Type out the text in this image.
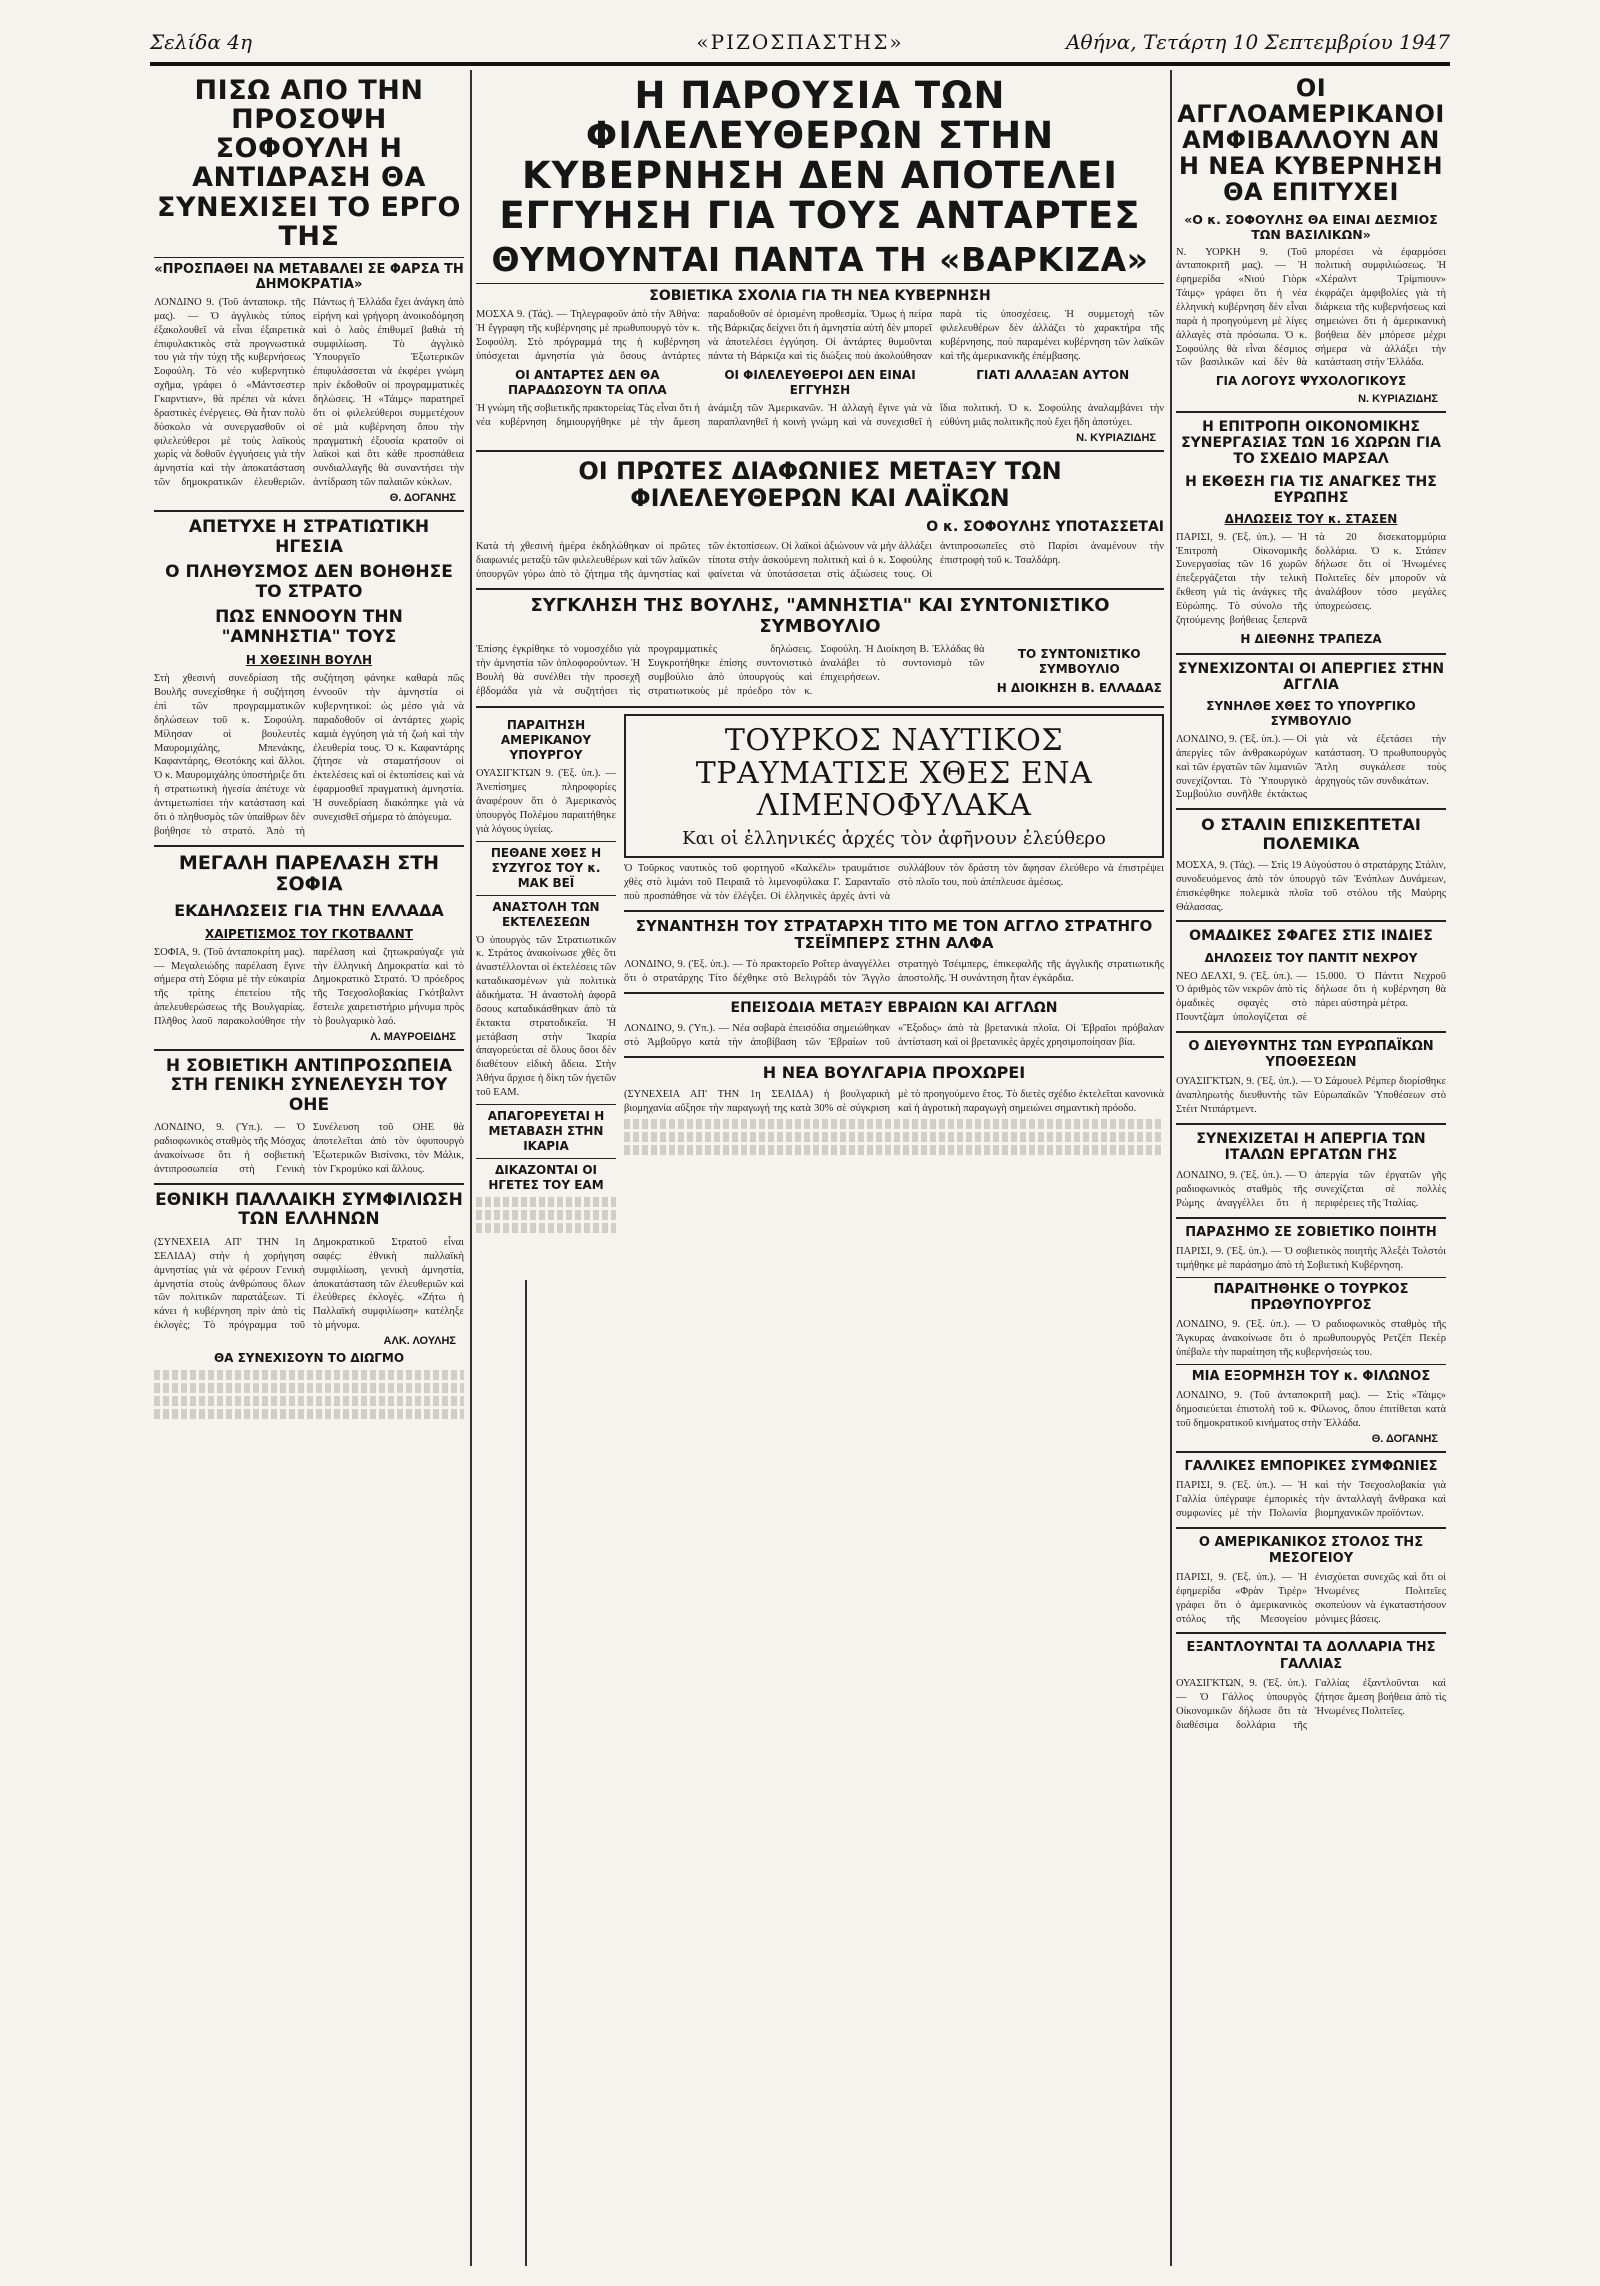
Σελίδα 4η	«ΡΙΖΟΣΠΑΣΤΗΣ»	Αθήνα, Τετάρτη 10 Σεπτεμβρίου 1947
ΠΙΣΩ ΑΠΟ ΤΗΝ ΠΡΟΣΟΨΗ ΣΟΦΟΥΛΗ Η ΑΝΤΙΔΡΑΣΗ ΘΑ ΣΥΝΕΧΙΣΕΙ ΤΟ ΕΡΓΟ ΤΗΣ
«ΠΡΟΣΠΑΘΕΙ ΝΑ ΜΕΤΑΒΑΛΕΙ ΣΕ ΦΑΡΣΑ ΤΗ ΔΗΜΟΚΡΑΤΙΑ»
ΛΟΝΔΙΝΟ 9. (Τοῦ ἀνταποκρ. τῆς μας). — Ὁ ἀγγλικὸς τύπος ἐξακολουθεῖ νὰ εἶναι ἐξαιρετικὰ ἐπιφυλακτικὸς στὰ προγνωστικά του γιὰ τὴν τύχη τῆς κυβερνήσεως Σοφούλη. Τὸ νέο κυβερνητικὸ σχῆμα, γράφει ὁ «Μάντσεστερ Γκαρντιαν», θὰ πρέπει νὰ κάνει δραστικὲς ἐνέργειες. Θὰ ἦταν πολὺ δύσκολο νὰ συνεργασθοῦν οἱ φιλελεύθεροι μὲ τοὺς λαϊκούς χωρὶς νὰ δοθοῦν ἐγγυήσεις γιὰ τὴν ἀμνηστία καὶ τὴν ἀποκατάσταση τῶν δημοκρατικῶν ἐλευθεριῶν. Πάντως ἡ Ἑλλάδα ἔχει ἀνάγκη ἀπὸ εἰρήνη καὶ γρήγορη ἀνοικοδόμηση καὶ ὁ λαὸς ἐπιθυμεῖ βαθιὰ τὴ συμφιλίωση. Τὸ ἀγγλικὸ Ὑπουργεῖο Ἐξωτερικῶν ἐπιφυλάσσεται νὰ ἐκφέρει γνώμη πρὶν ἐκδοθοῦν οἱ προγραμματικὲς δηλώσεις. Ἡ «Τάιμς» παρατηρεῖ ὅτι οἱ φιλελεύθεροι συμμετέχουν σὲ μιὰ κυβέρνηση ὅπου τὴν πραγματικὴ ἐξουσία κρατοῦν οἱ λαϊκοὶ καὶ ὅτι κάθε προσπάθεια συνδιαλλαγῆς θὰ συναντήσει τὴν ἀντίδραση τῶν παλαιῶν κύκλων.
Θ. ΔΟΓΑΝΗΣ
ΑΠΕΤΥΧΕ Η ΣΤΡΑΤΙΩΤΙΚΗ ΗΓΕΣΙΑ
Ο ΠΛΗΘΥΣΜΟΣ ΔΕΝ ΒΟΗΘΗΣΕ ΤΟ ΣΤΡΑΤΟ
ΠΩΣ ΕΝΝΟΟΥΝ ΤΗΝ "ΑΜΝΗΣΤΙΑ" ΤΟΥΣ
Η ΧΘΕΣΙΝΗ ΒΟΥΛΗ
Στὴ χθεσινὴ συνεδρίαση τῆς Βουλῆς συνεχίσθηκε ἡ συζήτηση ἐπὶ τῶν προγραμματικῶν δηλώσεων τοῦ κ. Σοφούλη. Μίλησαν οἱ βουλευτὲς Μαυρομιχάλης, Μπενάκης, Καφαντάρης, Θεοτόκης καὶ ἄλλοι. Ὁ κ. Μαυρομιχάλης ὑποστήριξε ὅτι ἡ στρατιωτικὴ ἡγεσία ἀπέτυχε νὰ ἀντιμετωπίσει τὴν κατάσταση καὶ ὅτι ὁ πληθυσμὸς τῶν ὑπαίθρων δὲν βοήθησε τὸ στρατό. Ἀπὸ τὴ συζήτηση φάνηκε καθαρὰ πῶς ἐννοοῦν τὴν ἀμνηστία οἱ κυβερνητικοί: ὡς μέσο γιὰ νὰ παραδοθοῦν οἱ ἀντάρτες χωρὶς καμιὰ ἐγγύηση γιὰ τὴ ζωὴ καὶ τὴν ἐλευθερία τους. Ὁ κ. Καφαντάρης ζήτησε νὰ σταματήσουν οἱ ἐκτελέσεις καὶ οἱ ἐκτοπίσεις καὶ νὰ ἐφαρμοσθεῖ πραγματικὴ ἀμνηστία. Ἡ συνεδρίαση διακόπηκε γιὰ νὰ συνεχισθεῖ σήμερα τὸ ἀπόγευμα.
ΜΕΓΑΛΗ ΠΑΡΕΛΑΣΗ ΣΤΗ ΣΟΦΙΑ
ΕΚΔΗΛΩΣΕΙΣ ΓΙΑ ΤΗΝ ΕΛΛΑΔΑ
ΧΑΙΡΕΤΙΣΜΟΣ ΤΟΥ ΓΚΟΤΒΑΛΝΤ
ΣΟΦΙΑ, 9. (Τοῦ ἀνταποκρίτη μας). — Μεγαλειώδης παρέλαση ἔγινε σήμερα στὴ Σόφια μὲ τὴν εὐκαιρία τῆς τρίτης ἐπετείου τῆς ἀπελευθερώσεως τῆς Βουλγαρίας. Πλῆθος λαοῦ παρακολούθησε τὴν παρέλαση καὶ ζητωκραύγαζε γιὰ τὴν ἑλληνικὴ Δημοκρατία καὶ τὸ Δημοκρατικὸ Στρατό. Ὁ πρόεδρος τῆς Τσεχοσλοβακίας Γκότβαλντ ἔστειλε χαιρετιστήριο μήνυμα πρὸς τὸ βουλγαρικὸ λαό.
Λ. ΜΑΥΡΟΕΙΔΗΣ
Η ΣΟΒΙΕΤΙΚΗ ΑΝΤΙΠΡΟΣΩΠΕΙΑ ΣΤΗ ΓΕΝΙΚΗ ΣΥΝΕΛΕΥΣΗ ΤΟΥ ΟΗΕ
ΛΟΝΔΙΝΟ, 9. (Ὑπ.). — Ὁ ραδιοφωνικὸς σταθμὸς τῆς Μόσχας ἀνακοίνωσε ὅτι ἡ σοβιετικὴ ἀντιπροσωπεία στὴ Γενικὴ Συνέλευση τοῦ ΟΗΕ θὰ ἀποτελεῖται ἀπὸ τὸν ὑφυπουργὸ Ἐξωτερικῶν Βισίνσκι, τὸν Μάλικ, τὸν Γκρομύκο καὶ ἄλλους.
ΕΘΝΙΚΗ ΠΑΛΛΑΙΚΗ ΣΥΜΦΙΛΙΩΣΗ ΤΩΝ ΕΛΛΗΝΩΝ
(ΣΥΝΕΧΕΙΑ ΑΠ' ΤΗΝ 1η ΣΕΛΙΔΑ) στὴν ἡ χορήγηση ἀμνηστίας γιὰ νὰ φέρουν Γενικὴ ἀμνηστία στοὺς ἀνθρώπους ὅλων τῶν πολιτικῶν παρατάξεων. Τί κάνει ἡ κυβέρνηση πρὶν ἀπὸ τὶς ἐκλογὲς; Τὸ πρόγραμμα τοῦ Δημοκρατικοῦ Στρατοῦ εἶναι σαφές: ἐθνικὴ παλλαϊκὴ συμφιλίωση, γενικὴ ἀμνηστία, ἀποκατάσταση τῶν ἐλευθεριῶν καὶ ἐλεύθερες ἐκλογὲς. «Ζήτω ἡ Παλλαϊκὴ συμφιλίωση» κατέληξε τὸ μήνυμα.
ΑΛΚ. ΛΟΥΛΗΣ
ΘΑ ΣΥΝΕΧΙΣΟΥΝ ΤΟ ΔΙΩΓΜΟ
Η ΠΑΡΟΥΣΙΑ ΤΩΝ ΦΙΛΕΛΕΥΘΕΡΩΝ ΣΤΗΝ ΚΥΒΕΡΝΗΣΗ ΔΕΝ ΑΠΟΤΕΛΕΙ ΕΓΓΥΗΣΗ ΓΙΑ ΤΟΥΣ ΑΝΤΑΡΤΕΣ
ΘΥΜΟΥΝΤΑΙ ΠΑΝΤΑ ΤΗ «ΒΑΡΚΙΖΑ»
ΣΟΒΙΕΤΙΚΑ ΣΧΟΛΙΑ ΓΙΑ ΤΗ ΝΕΑ ΚΥΒΕΡΝΗΣΗ
ΜΟΣΧΑ 9. (Τάς). — Τηλεγραφοῦν ἀπὸ τὴν Ἀθήνα: Ἡ ἔγγραφη τῆς κυβέρνησης μὲ πρωθυπουργὸ τὸν κ. Σοφούλη. Στὸ πρόγραμμά της ἡ κυβέρνηση ὑπόσχεται ἀμνηστία γιὰ ὅσους ἀντάρτες παραδοθοῦν σὲ ὁρισμένη προθεσμία. Ὅμως ἡ πείρα τῆς Βάρκιζας δείχνει ὅτι ἡ ἀμνηστία αὐτὴ δὲν μπορεῖ νὰ ἀποτελέσει ἐγγύηση. Οἱ ἀντάρτες θυμοῦνται πάντα τὴ Βάρκιζα καὶ τὶς διώξεις ποὺ ἀκολούθησαν παρὰ τὶς ὑποσχέσεις. Ἡ συμμετοχὴ τῶν φιλελευθέρων δὲν ἀλλάζει τὸ χαρακτήρα τῆς κυβέρνησης, ποὺ παραμένει κυβέρνηση τῶν λαϊκῶν καὶ τῆς ἀμερικανικῆς ἐπέμβασης.
ΟΙ ΑΝΤΑΡΤΕΣ ΔΕΝ ΘΑ ΠΑΡΑΔΩΣΟΥΝ ΤΑ ΟΠΛΑ
ΟΙ ΦΙΛΕΛΕΥΘΕΡΟΙ ΔΕΝ ΕΙΝΑΙ ΕΓΓΥΗΣΗ
ΓΙΑΤΙ ΑΛΛΑΞΑΝ ΑΥΤΟΝ
Ἡ γνώμη τῆς σοβιετικῆς πρακτορείας Τὰς εἶναι ὅτι ἡ νέα κυβέρνηση δημιουργήθηκε μὲ τὴν ἄμεση ἀνάμιξη τῶν Ἀμερικανῶν. Ἡ ἀλλαγὴ ἔγινε γιὰ νὰ παραπλανηθεῖ ἡ κοινὴ γνώμη καὶ νὰ συνεχισθεῖ ἡ ἴδια πολιτική. Ὁ κ. Σοφούλης ἀναλαμβάνει τὴν εὐθύνη μιᾶς πολιτικῆς ποὺ ἔχει ἤδη ἀποτύχει.
Ν. ΚΥΡΙΑΖΙΔΗΣ
ΟΙ ΠΡΩΤΕΣ ΔΙΑΦΩΝΙΕΣ ΜΕΤΑΞΥ ΤΩΝ ΦΙΛΕΛΕΥΘΕΡΩΝ ΚΑΙ ΛΑΪΚΩΝ
Ο κ. ΣΟΦΟΥΛΗΣ ΥΠΟΤΑΣΣΕΤΑΙ
Κατὰ τὴ χθεσινὴ ἡμέρα ἐκδηλώθηκαν οἱ πρῶτες διαφωνιές μεταξὺ τῶν φιλελευθέρων καὶ τῶν λαϊκῶν ὑπουργῶν γύρω ἀπὸ τὸ ζήτημα τῆς ἀμνηστίας καὶ τῶν ἐκτοπίσεων. Οἱ λαϊκοὶ ἀξιώνουν νὰ μὴν ἀλλάξει τίποτα στὴν ἀσκούμενη πολιτικὴ καὶ ὁ κ. Σοφούλης φαίνεται νὰ ὑποτάσσεται στὶς ἀξιώσεις τους. Οἱ ἀντιπροσωπεῖες στὸ Παρίσι ἀναμένουν τὴν ἐπιστροφὴ τοῦ κ. Τσαλδάρη.
ΣΥΓΚΛΗΣΗ ΤΗΣ ΒΟΥΛΗΣ, "ΑΜΝΗΣΤΙΑ" ΚΑΙ ΣΥΝΤΟΝΙΣΤΙΚΟ ΣΥΜΒΟΥΛΙΟ
Ἐπίσης ἐγκρίθηκε τὸ νομοσχέδιο γιὰ τὴν ἀμνηστία τῶν ὁπλοφορούντων. Ἡ Βουλὴ θὰ συνέλθει τὴν προσεχῆ ἑβδομάδα γιὰ νὰ συζητήσει τὶς προγραμματικὲς δηλώσεις. Συγκροτήθηκε ἐπίσης συντονιστικὸ συμβούλιο ἀπὸ ὑπουργοὺς καὶ στρατιωτικοὺς μὲ πρόεδρο τὸν κ. Σοφούλη. Ἡ Διοίκηση Β. Ἑλλάδας θὰ ἀναλάβει τὸ συντονισμὸ τῶν ἐπιχειρήσεων.
ΤΟ ΣΥΝΤΟΝΙΣΤΙΚΟ ΣΥΜΒΟΥΛΙΟ
Η ΔΙΟΙΚΗΣΗ Β. ΕΛΛΑΔΑΣ
ΠΑΡΑΙΤΗΣΗ ΑΜΕΡΙΚΑΝΟΥ ΥΠΟΥΡΓΟΥ
ΟΥΑΣΙΓΚΤΩΝ 9. (Ἐξ. ὑπ.). — Ἀνεπίσημες πληροφορίες ἀναφέρουν ὅτι ὁ Ἀμερικανὸς ὑπουργὸς Πολέμου παραιτήθηκε γιὰ λόγους ὑγείας.
ΠΕΘΑΝΕ ΧΘΕΣ Η ΣΥΖΥΓΟΣ ΤΟΥ κ. ΜΑΚ ΒΕΪ
ΑΝΑΣΤΟΛΗ ΤΩΝ ΕΚΤΕΛΕΣΕΩΝ
Ὁ ὑπουργὸς τῶν Στρατιωτικῶν κ. Στράτος ἀνακοίνωσε χθὲς ὅτι ἀναστέλλονται οἱ ἐκτελέσεις τῶν καταδικασμένων γιὰ πολιτικὰ ἀδικήματα. Ἡ ἀναστολὴ ἀφορᾶ ὅσους καταδικάσθηκαν ἀπὸ τὰ ἔκτακτα στρατοδικεῖα. Ἡ μετάβαση στὴν Ἰκαρία ἀπαγορεύεται σὲ ὅλους ὅσοι δὲν διαθέτουν εἰδικὴ ἄδεια. Στὴν Ἀθήνα ἄρχισε ἡ δίκη τῶν ἡγετῶν τοῦ ΕΑΜ.
ΑΠΑΓΟΡΕΥΕΤΑΙ Η ΜΕΤΑΒΑΣΗ ΣΤΗΝ ΙΚΑΡΙΑ
ΔΙΚΑΖΟΝΤΑΙ ΟΙ ΗΓΕΤΕΣ ΤΟΥ ΕΑΜ
ΤΟΥΡΚΟΣ ΝΑΥΤΙΚΟΣ ΤΡΑΥΜΑΤΙΣΕ ΧΘΕΣ ΕΝΑ ΛΙΜΕΝΟΦΥΛΑΚΑ
Και οἱ ἑλληνικές ἀρχές τὸν ἀφῆνουν ἐλεύθερο
Ὁ Τοῦρκος ναυτικὸς τοῦ φορτηγοῦ «Καλκέλι» τραυμάτισε χθὲς στὸ λιμάνι τοῦ Πειραιᾶ τὸ λιμενοφύλακα Γ. Σαρανταῖο ποὺ προσπάθησε νὰ τὸν ἐλέγξει. Οἱ ἑλληνικὲς ἀρχές ἀντὶ νὰ συλλάβουν τὸν δράστη τὸν ἄφησαν ἐλεύθερο νὰ ἐπιστρέψει στὸ πλοῖο του, ποὺ ἀπέπλευσε ἀμέσως.
ΣΥΝΑΝΤΗΣΗ ΤΟΥ ΣΤΡΑΤΑΡΧΗ ΤΙΤΟ ΜΕ ΤΟΝ ΑΓΓΛΟ ΣΤΡΑΤΗΓΟ ΤΣΕΪΜΠΕΡΣ ΣΤΗΝ ΑΛΦΑ
ΛΟΝΔΙΝΟ, 9. (Ἐξ. ὑπ.). — Τὸ πρακτορεῖο Ροΐτερ ἀναγγέλλει ὅτι ὁ στρατάρχης Τίτο δέχθηκε στὸ Βελιγράδι τὸν Ἄγγλο στρατηγὸ Τσέιμπερς, ἐπικεφαλῆς τῆς ἀγγλικῆς στρατιωτικῆς ἀποστολῆς. Ἡ συνάντηση ἦταν ἐγκάρδια.
ΕΠΕΙΣΟΔΙΑ ΜΕΤΑΞΥ ΕΒΡΑΙΩΝ ΚΑΙ ΑΓΓΛΩΝ
ΛΟΝΔΙΝΟ, 9. (Ὑπ.). — Νέα σοβαρὰ ἐπεισόδια σημειώθηκαν στὸ Ἀμβοῦργο κατὰ τὴν ἀποβίβαση τῶν Ἑβραίων τοῦ «Ἔξοδος» ἀπὸ τὰ βρετανικὰ πλοῖα. Οἱ Ἑβραῖοι πρόβαλαν ἀντίσταση καὶ οἱ βρετανικὲς ἀρχές χρησιμοποίησαν βία.
Η ΝΕΑ ΒΟΥΛΓΑΡΙΑ ΠΡΟΧΩΡΕΙ
(ΣΥΝΕΧΕΙΑ ΑΠ' ΤΗΝ 1η ΣΕΛΙΔΑ) ἡ βουλγαρικὴ βιομηχανία αὔξησε τὴν παραγωγή της κατὰ 30% σὲ σύγκριση μὲ τὸ προηγούμενο ἔτος. Τὸ διετὲς σχέδιο ἐκτελεῖται κανονικὰ καὶ ἡ ἀγροτικὴ παραγωγὴ σημειώνει σημαντικὴ πρόοδο.
ΟΙ ΑΓΓΛΟΑΜΕΡΙΚΑΝΟΙ ΑΜΦΙΒΑΛΛΟΥΝ ΑΝ Η ΝΕΑ ΚΥΒΕΡΝΗΣΗ ΘΑ ΕΠΙΤΥΧΕΙ
«Ο κ. ΣΟΦΟΥΛΗΣ ΘΑ ΕΙΝΑΙ ΔΕΣΜΙΟΣ ΤΩΝ ΒΑΣΙΛΙΚΩΝ»
Ν. ΥΟΡΚΗ 9. (Τοῦ ἀνταποκριτῆ μας). — Ἡ ἐφημερίδα «Νιού Γιὸρκ Τάιμς» γράφει ὅτι ἡ νέα ἑλληνικὴ κυβέρνηση δὲν εἶναι παρὰ ἡ προηγούμενη μὲ λίγες ἀλλαγὲς στὰ πρόσωπα. Ὁ κ. Σοφούλης θὰ εἶναι δέσμιος τῶν βασιλικῶν καὶ δὲν θὰ μπορέσει νὰ ἐφαρμόσει πολιτικὴ συμφιλιώσεως. Ἡ «Χέραλντ Τρίμπιουν» ἐκφράζει ἀμφιβολίες γιὰ τὴ διάρκεια τῆς κυβερνήσεως καὶ σημειώνει ὅτι ἡ ἀμερικανικὴ βοήθεια δὲν μπόρεσε μέχρι σήμερα νὰ ἀλλάξει τὴν κατάσταση στὴν Ἑλλάδα.
ΓΙΑ ΛΟΓΟΥΣ ΨΥΧΟΛΟΓΙΚΟΥΣ
Ν. ΚΥΡΙΑΖΙΔΗΣ
Η ΕΠΙΤΡΟΠΗ ΟΙΚΟΝΟΜΙΚΗΣ ΣΥΝΕΡΓΑΣΙΑΣ ΤΩΝ 16 ΧΩΡΩΝ ΓΙΑ ΤΟ ΣΧΕΔΙΟ ΜΑΡΣΑΛ
Η ΕΚΘΕΣΗ ΓΙΑ ΤΙΣ ΑΝΑΓΚΕΣ ΤΗΣ ΕΥΡΩΠΗΣ
ΔΗΛΩΣΕΙΣ ΤΟΥ κ. ΣΤΑΣΕΝ
ΠΑΡΙΣΙ, 9. (Ἐξ. ὑπ.). — Ἡ Ἐπιτροπὴ Οἰκονομικῆς Συνεργασίας τῶν 16 χωρῶν ἐπεξεργάζεται τὴν τελικὴ ἔκθεση γιὰ τὶς ἀνάγκες τῆς Εὐρώπης. Τὸ σύνολο τῆς ζητούμενης βοήθειας ξεπερνᾶ τὰ 20 δισεκατομμύρια δολλάρια. Ὁ κ. Στάσεν δήλωσε ὅτι οἱ Ἡνωμένες Πολιτεῖες δὲν μποροῦν νὰ ἀναλάβουν τόσο μεγάλες ὑποχρεώσεις.
Η ΔΙΕΘΝΗΣ ΤΡΑΠΕΖΑ
ΣΥΝΕΧΙΖΟΝΤΑΙ ΟΙ ΑΠΕΡΓΙΕΣ ΣΤΗΝ ΑΓΓΛΙΑ
ΣΥΝΗΛΘΕ ΧΘΕΣ ΤΟ ΥΠΟΥΡΓΙΚΟ ΣΥΜΒΟΥΛΙΟ
ΛΟΝΔΙΝΟ, 9. (Ἐξ. ὑπ.). — Οἱ ἀπεργίες τῶν ἀνθρακωρύχων καὶ τῶν ἐργατῶν τῶν λιμανιῶν συνεχίζονται. Τὸ Ὑπουργικὸ Συμβούλιο συνῆλθε ἐκτάκτως γιὰ νὰ ἐξετάσει τὴν κατάσταση. Ὁ πρωθυπουργὸς Ἄτλη συγκάλεσε τοὺς ἀρχηγοὺς τῶν συνδικάτων.
Ο ΣΤΑΛΙΝ ΕΠΙΣΚΕΠΤΕΤΑΙ ΠΟΛΕΜΙΚΑ
ΜΟΣΧΑ, 9. (Τάς). — Στὶς 19 Αὐγούστου ὁ στρατάρχης Στάλιν, συνοδευόμενος ἀπὸ τὸν ὑπουργὸ τῶν Ἐνόπλων Δυνάμεων, ἐπισκέφθηκε πολεμικὰ πλοῖα τοῦ στόλου τῆς Μαύρης Θάλασσας.
ΟΜΑΔΙΚΕΣ ΣΦΑΓΕΣ ΣΤΙΣ ΙΝΔΙΕΣ
ΔΗΛΩΣΕΙΣ ΤΟΥ ΠΑΝΤΙΤ ΝΕΧΡΟΥ
ΝΕΟ ΔΕΛΧΙ, 9. (Ἐξ. ὑπ.). — Ὁ ἀριθμὸς τῶν νεκρῶν ἀπὸ τὶς ὁμαδικὲς σφαγὲς στὸ Πουντζὰμπ ὑπολογίζεται σὲ 15.000. Ὁ Πάντιτ Νεχροῦ δήλωσε ὅτι ἡ κυβέρνηση θὰ πάρει αὐστηρὰ μέτρα.
Ο ΔΙΕΥΘΥΝΤΗΣ ΤΩΝ ΕΥΡΩΠΑΪΚΩΝ ΥΠΟΘΕΣΕΩΝ
ΟΥΑΣΙΓΚΤΩΝ, 9. (Ἐξ. ὑπ.). — Ὁ Σάμουελ Ρέμπερ διορίσθηκε ἀναπληρωτὴς διευθυντὴς τῶν Εὐρωπαϊκῶν Ὑποθέσεων στὸ Στέιτ Ντιπάρτμεντ.
ΣΥΝΕΧΙΖΕΤΑΙ Η ΑΠΕΡΓΙΑ ΤΩΝ ΙΤΑΛΩΝ ΕΡΓΑΤΩΝ ΓΗΣ
ΛΟΝΔΙΝΟ, 9. (Ἐξ. ὑπ.). — Ὁ ραδιοφωνικὸς σταθμὸς τῆς Ρώμης ἀναγγέλλει ὅτι ἡ ἀπεργία τῶν ἐργατῶν γῆς συνεχίζεται σὲ πολλὲς περιφέρειες τῆς Ἰταλίας.
ΠΑΡΑΣΗΜΟ ΣΕ ΣΟΒΙΕΤΙΚΟ ΠΟΙΗΤΗ
ΠΑΡΙΣΙ, 9. (Ἐξ. ὑπ.). — Ὁ σοβιετικὸς ποιητὴς Ἀλεξέι Τολστόι τιμήθηκε μὲ παράσημο ἀπὸ τὴ Σοβιετικὴ Κυβέρνηση.
ΠΑΡΑΙΤΗΘΗΚΕ Ο ΤΟΥΡΚΟΣ ΠΡΩΘΥΠΟΥΡΓΟΣ
ΛΟΝΔΙΝΟ, 9. (Ἐξ. ὑπ.). — Ὁ ραδιοφωνικὸς σταθμὸς τῆς Ἄγκυρας ἀνακοίνωσε ὅτι ὁ πρωθυπουργὸς Ρετζὲπ Πεκὲρ ὑπέβαλε τὴν παραίτηση τῆς κυβερνήσεώς του.
ΜΙΑ ΕΞΟΡΜΗΣΗ ΤΟΥ κ. ΦΙΛΩΝΟΣ
ΛΟΝΔΙΝΟ, 9. (Τοῦ ἀνταποκριτῆ μας). — Στὶς «Τάιμς» δημοσιεύεται ἐπιστολὴ τοῦ κ. Φίλωνος, ὅπου ἐπιτίθεται κατὰ τοῦ δημοκρατικοῦ κινήματος στὴν Ἑλλάδα.
Θ. ΔΟΓΑΝΗΣ
ΓΑΛΛΙΚΕΣ ΕΜΠΟΡΙΚΕΣ ΣΥΜΦΩΝΙΕΣ
ΠΑΡΙΣΙ, 9. (Ἐξ. ὑπ.). — Ἡ Γαλλία ὑπέγραψε ἐμπορικὲς συμφωνίες μὲ τὴν Πολωνία καὶ τὴν Τσεχοσλοβακία γιὰ τὴν ἀνταλλαγὴ ἄνθρακα καὶ βιομηχανικῶν προϊόντων.
Ο ΑΜΕΡΙΚΑΝΙΚΟΣ ΣΤΟΛΟΣ ΤΗΣ ΜΕΣΟΓΕΙΟΥ
ΠΑΡΙΣΙ, 9. (Ἐξ. ὑπ.). — Ἡ ἐφημερίδα «Φρὰν Τιρὲρ» γράφει ὅτι ὁ ἀμερικανικὸς στόλος τῆς Μεσογείου ἐνισχύεται συνεχῶς καὶ ὅτι οἱ Ἡνωμένες Πολιτεῖες σκοπεύουν νὰ ἐγκαταστήσουν μόνιμες βάσεις.
ΕΞΑΝΤΛΟΥΝΤΑΙ ΤΑ ΔΟΛΛΑΡΙΑ ΤΗΣ ΓΑΛΛΙΑΣ
ΟΥΑΣΙΓΚΤΩΝ, 9. (Ἐξ. ὑπ.). — Ὁ Γάλλος ὑπουργὸς Οἰκονομικῶν δήλωσε ὅτι τὰ διαθέσιμα δολλάρια τῆς Γαλλίας ἐξαντλοῦνται καὶ ζήτησε ἄμεση βοήθεια ἀπὸ τὶς Ἡνωμένες Πολιτεῖες.
